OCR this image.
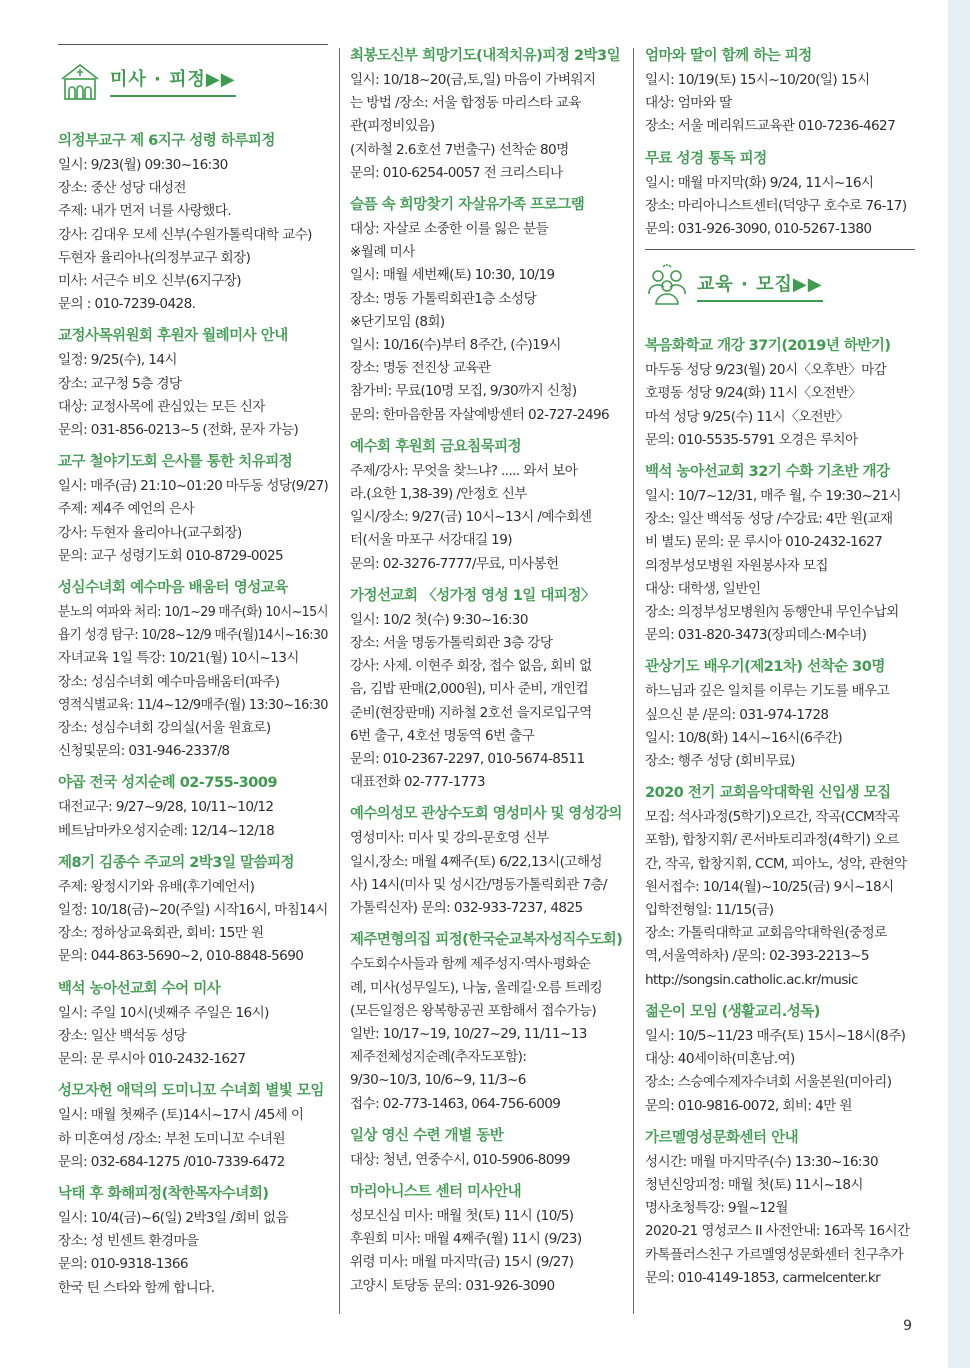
미사 · 피정▶▶

의정부교구 제 6지구 성령 하루피정

일시: 9/23(월) 09:30~16:30

장소: 중산 성당 대성전

주제: 내가 먼저 너를 사랑했다.

강사: 김대우 모세 신부(수원가톨릭대학 교수)

두현자 율리아나(의정부교구 회장)

미사: 서근수 비오 신부(6지구장)

문의 : 010-7239-0428.

교정사목위원회 후원자 월례미사 안내

일정: 9/25(수), 14시

장소: 교구청 5층 경당

대상: 교정사목에 관심있는 모든 신자

문의: 031-856-0213~5 (전화, 문자 가능)

교구 철야기도회 은사를 통한 치유피정

일시: 매주(금) 21:10~01:20 마두동 성당(9/27)

주제: 제4주 예언의 은사

강사: 두현자 율리아나(교구회장)

문의: 교구 성령기도회 010-8729-0025

성심수녀회 예수마음 배움터 영성교육

분노의 여파와 처리: 10/1~29 매주(화) 10시~15시

욥기 성경 탐구: 10/28~12/9 매주(월)14시~16:30

자녀교육 1일 특강: 10/21(월) 10시~13시

장소: 성심수녀회 예수마음배움터(파주)

영적식별교육: 11/4~12/9매주(월) 13:30~16:30

장소: 성심수녀회 강의실(서울 원효로)

신청및문의: 031-946-2337/8

야곱 전국 성지순례 02-755-3009

대전교구: 9/27~9/28, 10/11~10/12

베트남마카오성지순례: 12/14~12/18

제8기 김종수 주교의 2박3일 말씀피정

주제: 왕정시기와 유배(후기예언서)

일정: 10/18(금)~20(주일) 시작16시, 마침14시

장소: 정하상교육회관, 회비: 15만 원

문의: 044-863-5690~2, 010-8848-5690

백석 농아선교회 수어 미사

일시: 주일 10시(넷째주 주일은 16시)

장소: 일산 백석동 성당

문의: 문 루시아 010-2432-1627

성모자헌 애덕의 도미니꼬 수녀회 별빛 모임

일시: 매월 첫째주 (토)14시~17시 /45세 이

하 미혼여성 /장소: 부천 도미니꼬 수녀원

문의: 032-684-1275 /010-7339-6472

낙태 후 화해피정(착한목자수녀회)

일시: 10/4(금)~6(일) 2박3일 /회비 없음

장소: 성 빈센트 환경마을

문의: 010-9318-1366

한국 틴 스타와 함께 합니다.

최봉도신부 희망기도(내적치유)피정 2박3일

일시: 10/18~20(금,토,일) 마음이 가벼워지

는 방법 /장소: 서울 합정동 마리스타 교육

관(피정비있음)

(지하철 2.6호선 7번출구) 선착순 80명

문의: 010-6254-0057 전 크리스티나

슬픔 속 희망찾기 자살유가족 프로그램

대상: 자살로 소중한 이를 잃은 분들

※월례 미사

일시: 매월 세번째(토) 10:30, 10/19

장소: 명동 가톨릭회관1층 소성당

※단기모임 (8회)

일시: 10/16(수)부터 8주간, (수)19시

장소: 명동 전진상 교육관

참가비: 무료(10명 모집, 9/30까지 신청)

문의: 한마음한몸 자살예방센터 02-727-2496

예수회 후원회 금요침묵피정

주제/강사: 무엇을 찾느냐? ..... 와서 보아

라.(요한 1,38-39) /안정호 신부

일시/장소: 9/27(금) 10시~13시 /예수회센

터(서울 마포구 서강대길 19)

문의: 02-3276-7777/무료, 미사봉헌

가정선교회 〈성가정 영성 1일 대피정〉

일시: 10/2 첫(수) 9:30~16:30

장소: 서울 명동가톨릭회관 3층 강당

강사: 사제. 이현주 회장, 접수 없음, 회비 없

음, 김밥 판매(2,000원), 미사 준비, 개인컵

준비(현장판매) 지하철 2호선 을지로입구역

6번 출구, 4호선 명동역 6번 출구

문의: 010-2367-2297, 010-5674-8511

대표전화 02-777-1773

예수의성모 관상수도회 영성미사 및 영성강의

영성미사: 미사 및 강의-문호영 신부

일시,장소: 매월 4째주(토) 6/22,13시(고해성

사) 14시(미사 및 성시간/명동가톨릭회관 7층/

가톨릭신자) 문의: 032-933-7237, 4825

제주면형의집 피정(한국순교복자성직수도회)

수도회수사들과 함께 제주성지·역사·평화순

례, 미사(성무일도), 나눔, 올레길·오름 트레킹

(모든일정은 왕복항공권 포함해서 접수가능)

일반: 10/17~19, 10/27~29, 11/11~13

제주전체성지순례(추자도포함):

9/30~10/3, 10/6~9, 11/3~6

접수: 02-773-1463, 064-756-6009

일상 영신 수련 개별 동반

대상: 청년, 연중수시, 010-5906-8099

마리아니스트 센터 미사안내

성모신심 미사: 매월 첫(토) 11시 (10/5)

후원회 미사: 매월 4째주(월) 11시 (9/23)

위령 미사: 매월 마지막(금) 15시 (9/27)

고양시 토당동 문의: 031-926-3090

엄마와 딸이 함께 하는 피정

일시: 10/19(토) 15시~10/20(일) 15시

대상: 엄마와 딸

장소: 서울 메리워드교육관 010-7236-4627

무료 성경 통독 피정

일시: 매월 마지막(화) 9/24, 11시~16시

장소: 마리아니스트센터(덕양구 호수로 76-17)

문의: 031-926-3090, 010-5267-1380

교육 · 모집▶▶

복음화학교 개강 37기(2019년 하반기)

마두동 성당 9/23(월) 20시〈오후반〉마감

호평동 성당 9/24(화) 11시〈오전반〉

마석 성당 9/25(수) 11시〈오전반〉

문의: 010-5535-5791 오경은 루치아

백석 농아선교회 32기 수화 기초반 개강

일시: 10/7~12/31, 매주 월, 수 19:30~21시

장소: 일산 백석동 성당 /수강료: 4만 원(교재

비 별도) 문의: 문 루시아 010-2432-1627

의정부성모병원 자원봉사자 모집

대상: 대학생, 일반인

장소: 의정부성모병원內 동행안내 무인수납외

문의: 031-820-3473(장피데스·M수녀)

관상기도 배우기(제21차) 선착순 30명

하느님과 깊은 일치를 이루는 기도를 배우고

싶으신 분 /문의: 031-974-1728

일시: 10/8(화) 14시~16시(6주간)

장소: 행주 성당 (회비무료)

2020 전기 교회음악대학원 신입생 모집

모집: 석사과정(5학기)오르간, 작곡(CCM작곡

포함), 합창지휘/ 콘서바토리과정(4학기) 오르

간, 작곡, 합창지휘, CCM, 피아노, 성악, 관현악

원서접수: 10/14(월)~10/25(금) 9시~18시

입학전형일: 11/15(금)

장소: 가톨릭대학교 교회음악대학원(중정로

역,서울역하차) /문의: 02-393-2213~5

http://songsin.catholic.ac.kr/music

젊은이 모임 (생활교리.성독)

일시: 10/5~11/23 매주(토) 15시~18시(8주)

대상: 40세이하(미혼남.여)

장소: 스승예수제자수녀회 서울본원(미아리)

문의: 010-9816-0072, 회비: 4만 원

가르멜영성문화센터 안내

성시간: 매월 마지막주(수) 13:30~16:30

청년신앙피정: 매월 첫(토) 11시~18시

명사초청특강: 9월~12월

2020-21 영성코스 II 사전안내: 16과목 16시간

카톡플러스친구 가르멜영성문화센터 친구추가

문의: 010-4149-1853, carmelcenter.kr

9
